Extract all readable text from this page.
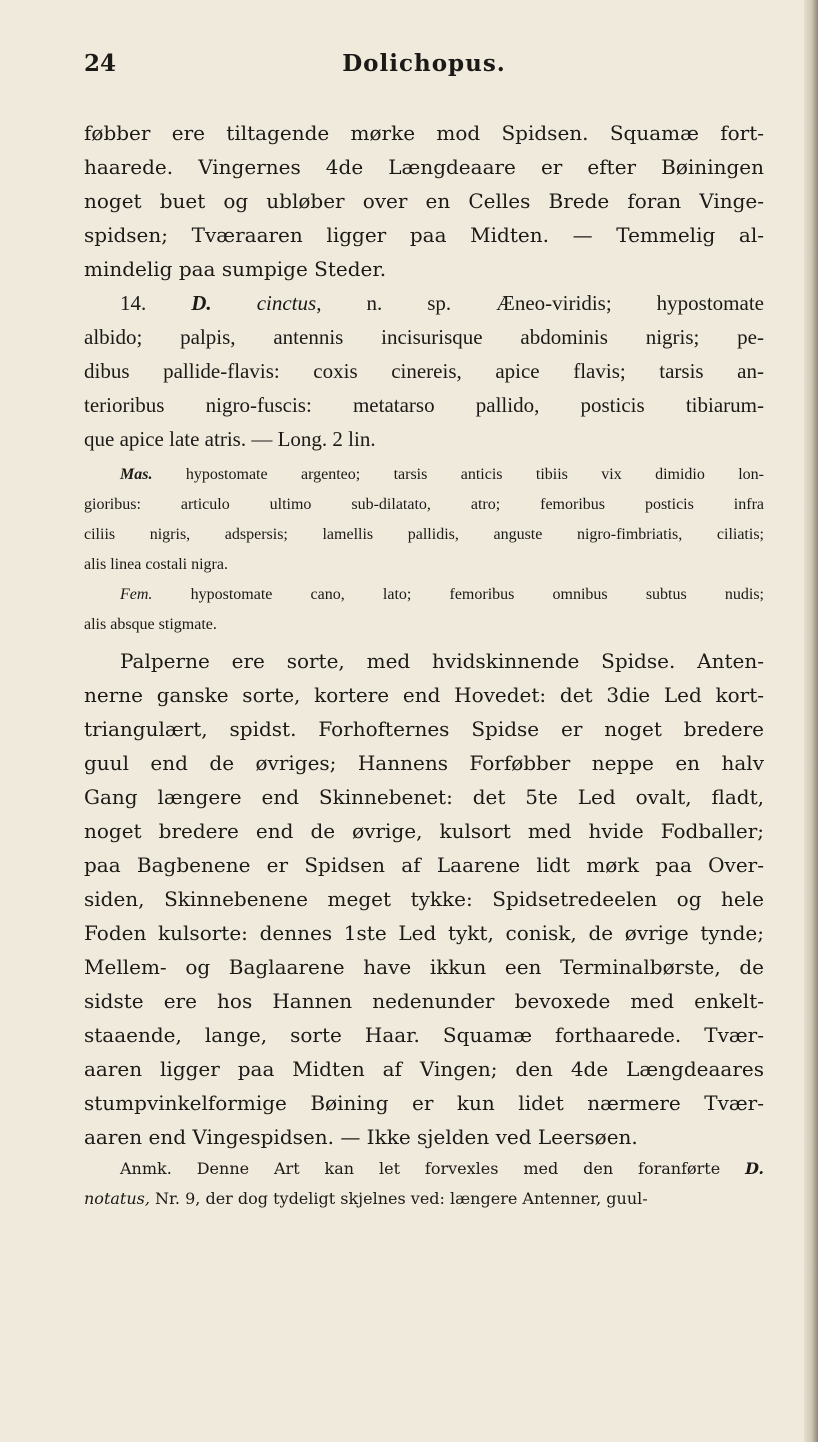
24	Dolichopus.
føbber ere tiltagende mørke mod Spidsen. Squamæ fort-
haarede. Vingernes 4de Længdeaare er efter Bøiningen
noget buet og ubløber over en Celles Brede foran Vinge-
spidsen; Tværaaren ligger paa Midten. — Temmelig al-
mindelig paa sumpige Steder.
14. D. cinctus, n. sp. Æneo-viridis; hypostomate
albido; palpis, antennis incisurisque abdominis nigris; pe-
dibus pallide-flavis: coxis cinereis, apice flavis; tarsis an-
terioribus nigro-fuscis: metatarso pallido, posticis tibiarum-
que apice late atris. — Long. 2 lin.
Mas. hypostomate argenteo; tarsis anticis tibiis vix dimidio lon-
gioribus: articulo ultimo sub-dilatato, atro; femoribus posticis infra
ciliis nigris, adspersis; lamellis pallidis, anguste nigro-fimbriatis, ciliatis;
alis linea costali nigra.
Fem. hypostomate cano, lato; femoribus omnibus subtus nudis;
alis absque stigmate.
Palperne ere sorte, med hvidskinnende Spidse. Anten-
nerne ganske sorte, kortere end Hovedet: det 3die Led kort-
triangulært, spidst. Forhofternes Spidse er noget bredere
guul end de øvriges; Hannens Forføbber neppe en halv
Gang længere end Skinnebenet: det 5te Led ovalt, fladt,
noget bredere end de øvrige, kulsort med hvide Fodballer;
paa Bagbenene er Spidsen af Laarene lidt mørk paa Over-
siden, Skinnebenene meget tykke: Spidsetredeelen og hele
Foden kulsorte: dennes 1ste Led tykt, conisk, de øvrige tynde;
Mellem- og Baglaarene have ikkun een Terminalbørste, de
sidste ere hos Hannen nedenunder bevoxede med enkelt-
staaende, lange, sorte Haar. Squamæ forthaarede. Tvær-
aaren ligger paa Midten af Vingen; den 4de Længdeaares
stumpvinkelformige Bøining er kun lidet nærmere Tvær-
aaren end Vingespidsen. — Ikke sjelden ved Leersøen.
Anmk. Denne Art kan let forvexles med den foranførte D.
notatus, Nr. 9, der dog tydeligt skjelnes ved: længere Antenner, guul-
